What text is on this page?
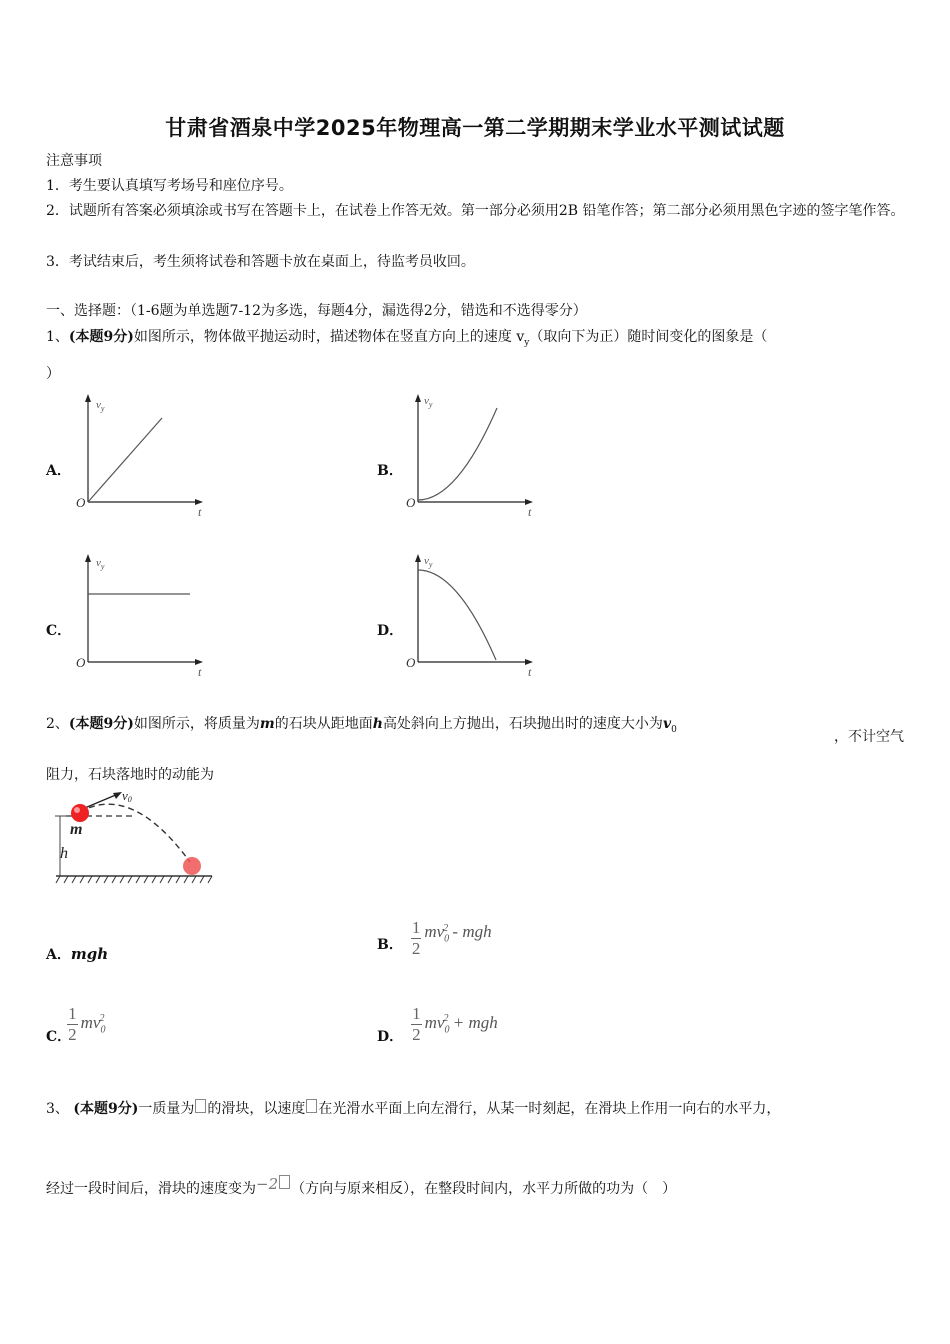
甘肃省酒泉中学2025年物理高一第二学期期末学业水平测试试题
注意事项
1．考生要认真填写考场号和座位序号。
2．试题所有答案必须填涂或书写在答题卡上，在试卷上作答无效。第一部分必须用2B 铅笔作答；第二部分必须用黑色字迹的签字笔作答。
3．考试结束后，考生须将试卷和答题卡放在桌面上，待监考员收回。
一、选择题：（1-6题为单选题7-12为多选，每题4分，漏选得2分，错选和不选得零分）
1、(本题9分)如图所示，物体做平抛运动时，描述物体在竖直方向上的速度 $v_y$（取向下为正）随时间变化的图象是（
）
A．	B．
C．	D．
$v_y$
O
t
$v_y$
O
t
$v_y$
O
t
$v_y$
O
t
2、(本题9分)如图所示，将质量为m的石块从距地面h高处斜向上方抛出，石块抛出时的速度大小为$v_0$	，不计空气阻力，石块落地时的动能为
v0
m
h
A．mgh
B． $\frac{1}{2} mv_0^2$ - mgh
C．
$\frac{1}{2} mv_0^2$
D． $\frac{1}{2} mv_0^2$ + mgh
3、 (本题9分)一质量为 的滑块，以速度 在光滑水平面上向左滑行，从某一时刻起，在滑块上作用一向右的水平力，
经过一段时间后，滑块的速度变为−2 （方向与原来相反），在整段时间内，水平力所做的功为（　）
